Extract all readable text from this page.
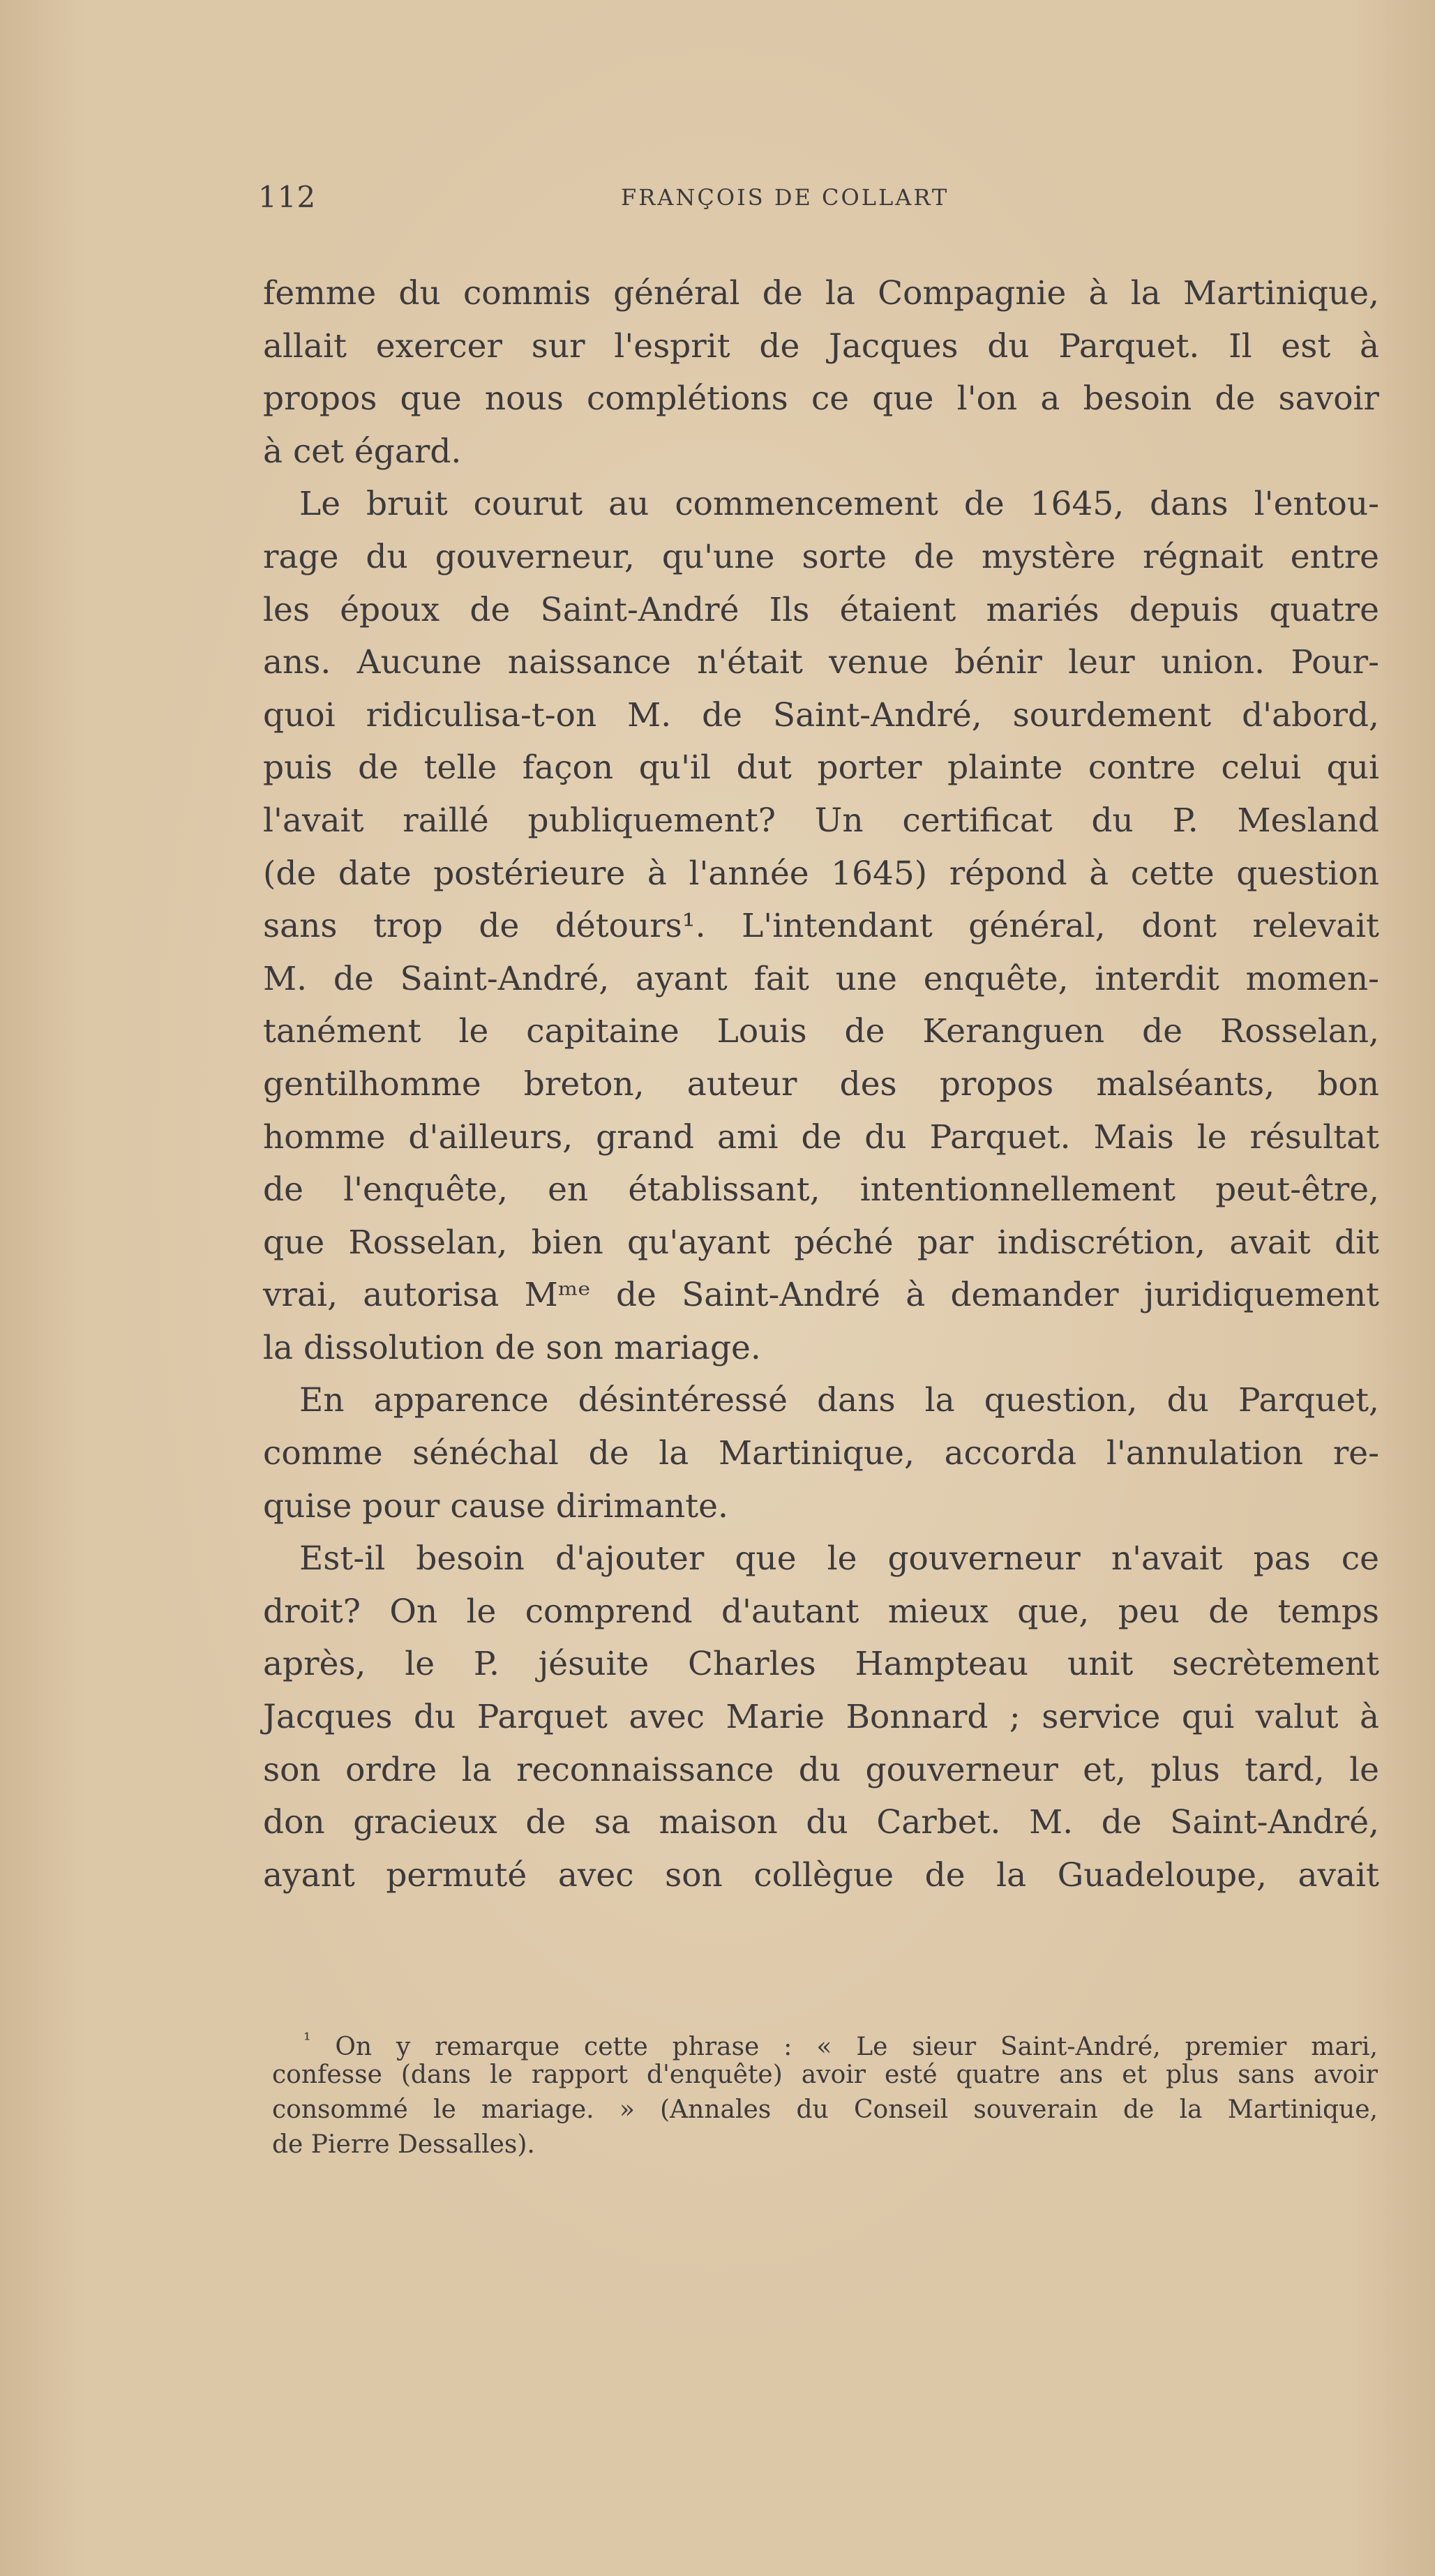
112	FRANÇOIS DE COLLART
femme du commis général de la Compagnie à la Martinique,
allait exercer sur l'esprit de Jacques du Parquet. Il est à
propos que nous complétions ce que l'on a besoin de savoir
à cet égard.
Le bruit courut au commencement de 1645, dans l'entou-
rage du gouverneur, qu'une sorte de mystère régnait entre
les époux de Saint-André Ils étaient mariés depuis quatre
ans. Aucune naissance n'était venue bénir leur union. Pour-
quoi ridiculisa-t-on M. de Saint-André, sourdement d'abord,
puis de telle façon qu'il dut porter plainte contre celui qui
l'avait raillé publiquement? Un certificat du P. Mesland
(de date postérieure à l'année 1645) répond à cette question
sans trop de détours¹. L'intendant général, dont relevait
M. de Saint-André, ayant fait une enquête, interdit momen-
tanément le capitaine Louis de Keranguen de Rosselan,
gentilhomme breton, auteur des propos malséants, bon
homme d'ailleurs, grand ami de du Parquet. Mais le résultat
de l'enquête, en établissant, intentionnellement peut-être,
que Rosselan, bien qu'ayant péché par indiscrétion, avait dit
vrai, autorisa Mᵐᵉ de Saint-André à demander juridiquement
la dissolution de son mariage.
En apparence désintéressé dans la question, du Parquet,
comme sénéchal de la Martinique, accorda l'annulation re-
quise pour cause dirimante.
Est-il besoin d'ajouter que le gouverneur n'avait pas ce
droit? On le comprend d'autant mieux que, peu de temps
après, le P. jésuite Charles Hampteau unit secrètement
Jacques du Parquet avec Marie Bonnard ; service qui valut à
son ordre la reconnaissance du gouverneur et, plus tard, le
don gracieux de sa maison du Carbet. M. de Saint-André,
ayant permuté avec son collègue de la Guadeloupe, avait
$^{^1}$ On y remarque cette phrase : « Le sieur Saint-André, premier mari,
confesse (dans le rapport d'enquête) avoir esté quatre ans et plus sans avoir
consommé le mariage. » (Annales du Conseil souverain de la Martinique,
de Pierre Dessalles).
